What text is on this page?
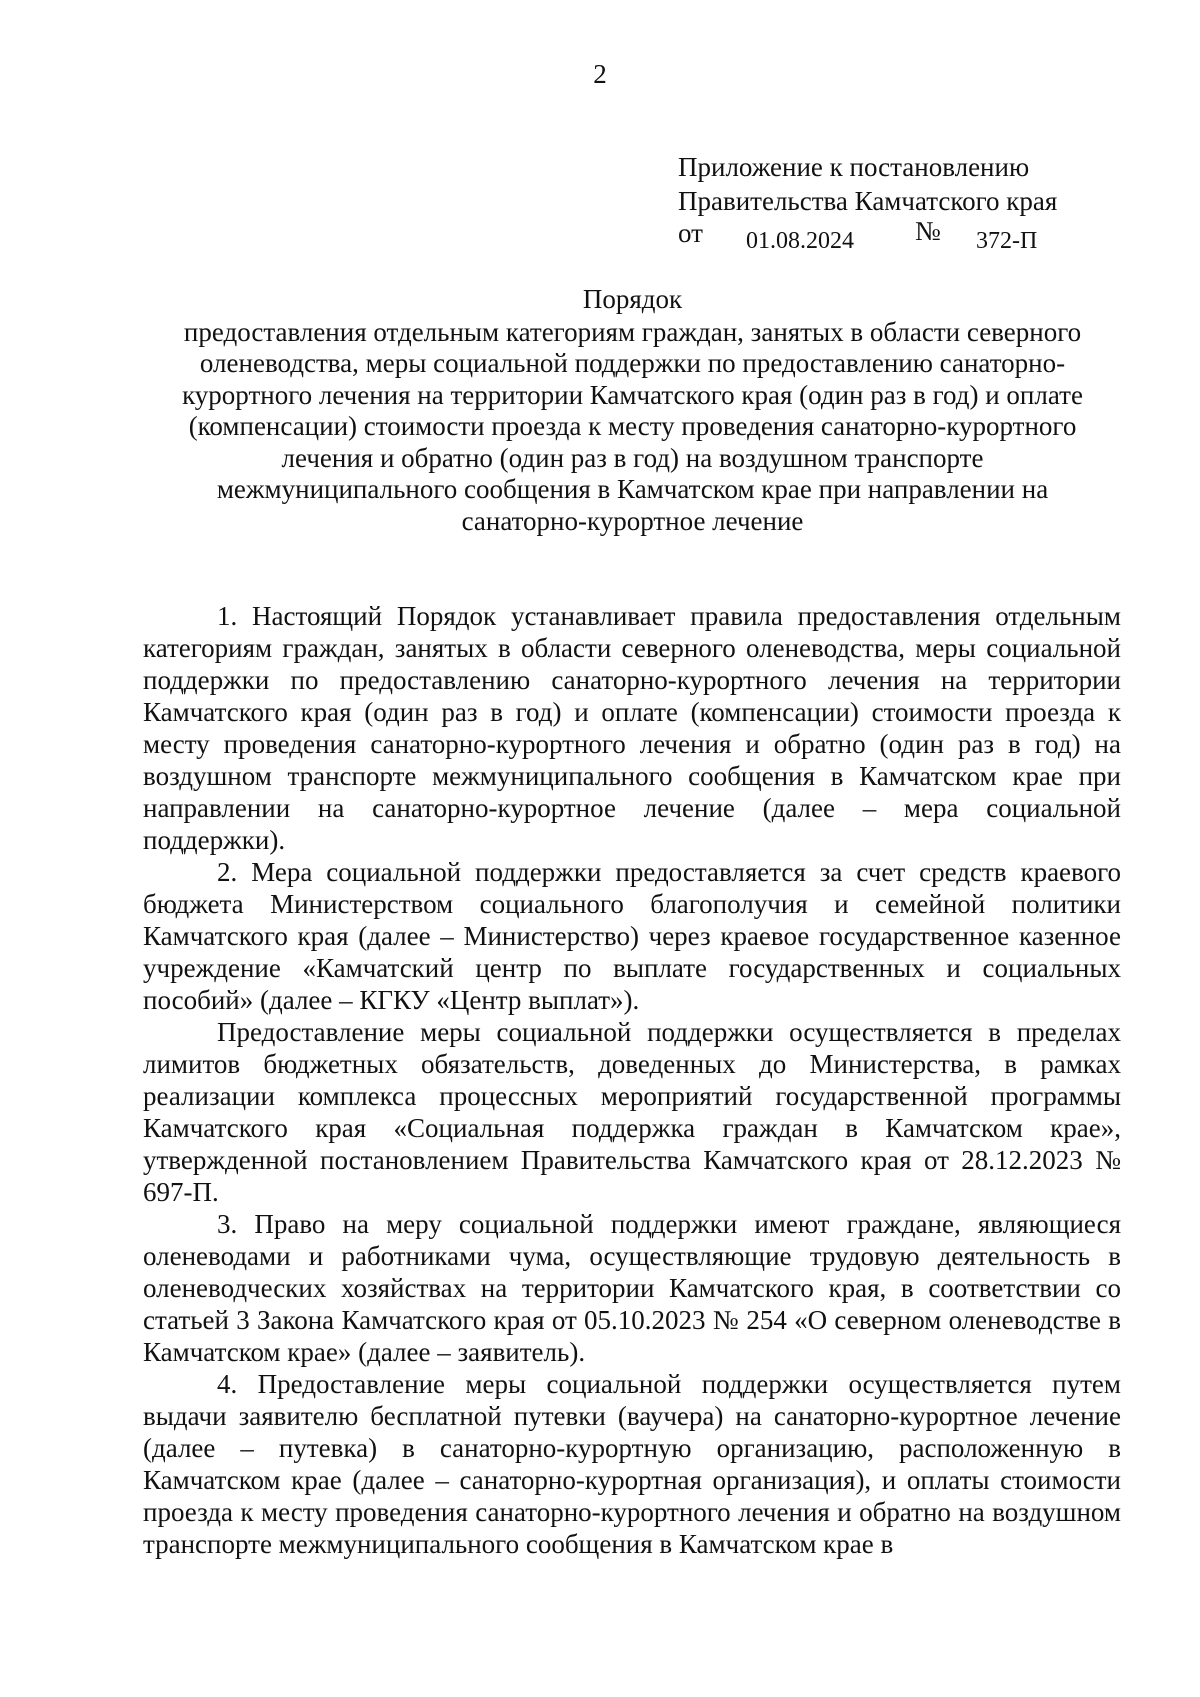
2
Приложение к постановлению
Правительства Камчатского края
от 01.08.2024 № 372-П
Порядок
предоставления отдельным категориям граждан, занятых в области северного
оленеводства, меры социальной поддержки по предоставлению санаторно-
курортного лечения на территории Камчатского края (один раз в год) и оплате
(компенсации) стоимости проезда к месту проведения санаторно-курортного
лечения и обратно (один раз в год) на воздушном транспорте
межмуниципального сообщения в Камчатском крае при направлении на
санаторно-курортное лечение

1. Настоящий Порядок устанавливает правила предоставления отдельным категориям граждан, занятых в области северного оленеводства, меры социальной поддержки по предоставлению санаторно-курортного лечения на территории Камчатского края (один раз в год) и оплате (компенсации) стоимости проезда к месту проведения санаторно-курортного лечения и обратно (один раз в год) на воздушном транспорте межмуниципального сообщения в Камчатском крае при направлении на санаторно-курортное лечение (далее – мера социальной поддержки).

2. Мера социальной поддержки предоставляется за счет средств краевого бюджета Министерством социального благополучия и семейной политики Камчатского края (далее – Министерство) через краевое государственное казенное учреждение «Камчатский центр по выплате государственных и социальных пособий» (далее – КГКУ «Центр выплат»).

Предоставление меры социальной поддержки осуществляется в пределах лимитов бюджетных обязательств, доведенных до Министерства, в рамках реализации комплекса процессных мероприятий государственной программы Камчатского края «Социальная поддержка граждан в Камчатском крае», утвержденной постановлением Правительства Камчатского края от 28.12.2023 № 697-П.

3. Право на меру социальной поддержки имеют граждане, являющиеся оленеводами и работниками чума, осуществляющие трудовую деятельность в оленеводческих хозяйствах на территории Камчатского края, в соответствии со статьей 3 Закона Камчатского края от 05.10.2023 № 254 «О северном оленеводстве в Камчатском крае» (далее – заявитель).

4. Предоставление меры социальной поддержки осуществляется путем выдачи заявителю бесплатной путевки (ваучера) на санаторно-курортное лечение (далее – путевка) в санаторно-курортную организацию, расположенную в Камчатском крае (далее – санаторно-курортная организация), и оплаты стоимости проезда к месту проведения санаторно-курортного лечения и обратно на воздушном транспорте межмуниципального сообщения в Камчатском крае в
